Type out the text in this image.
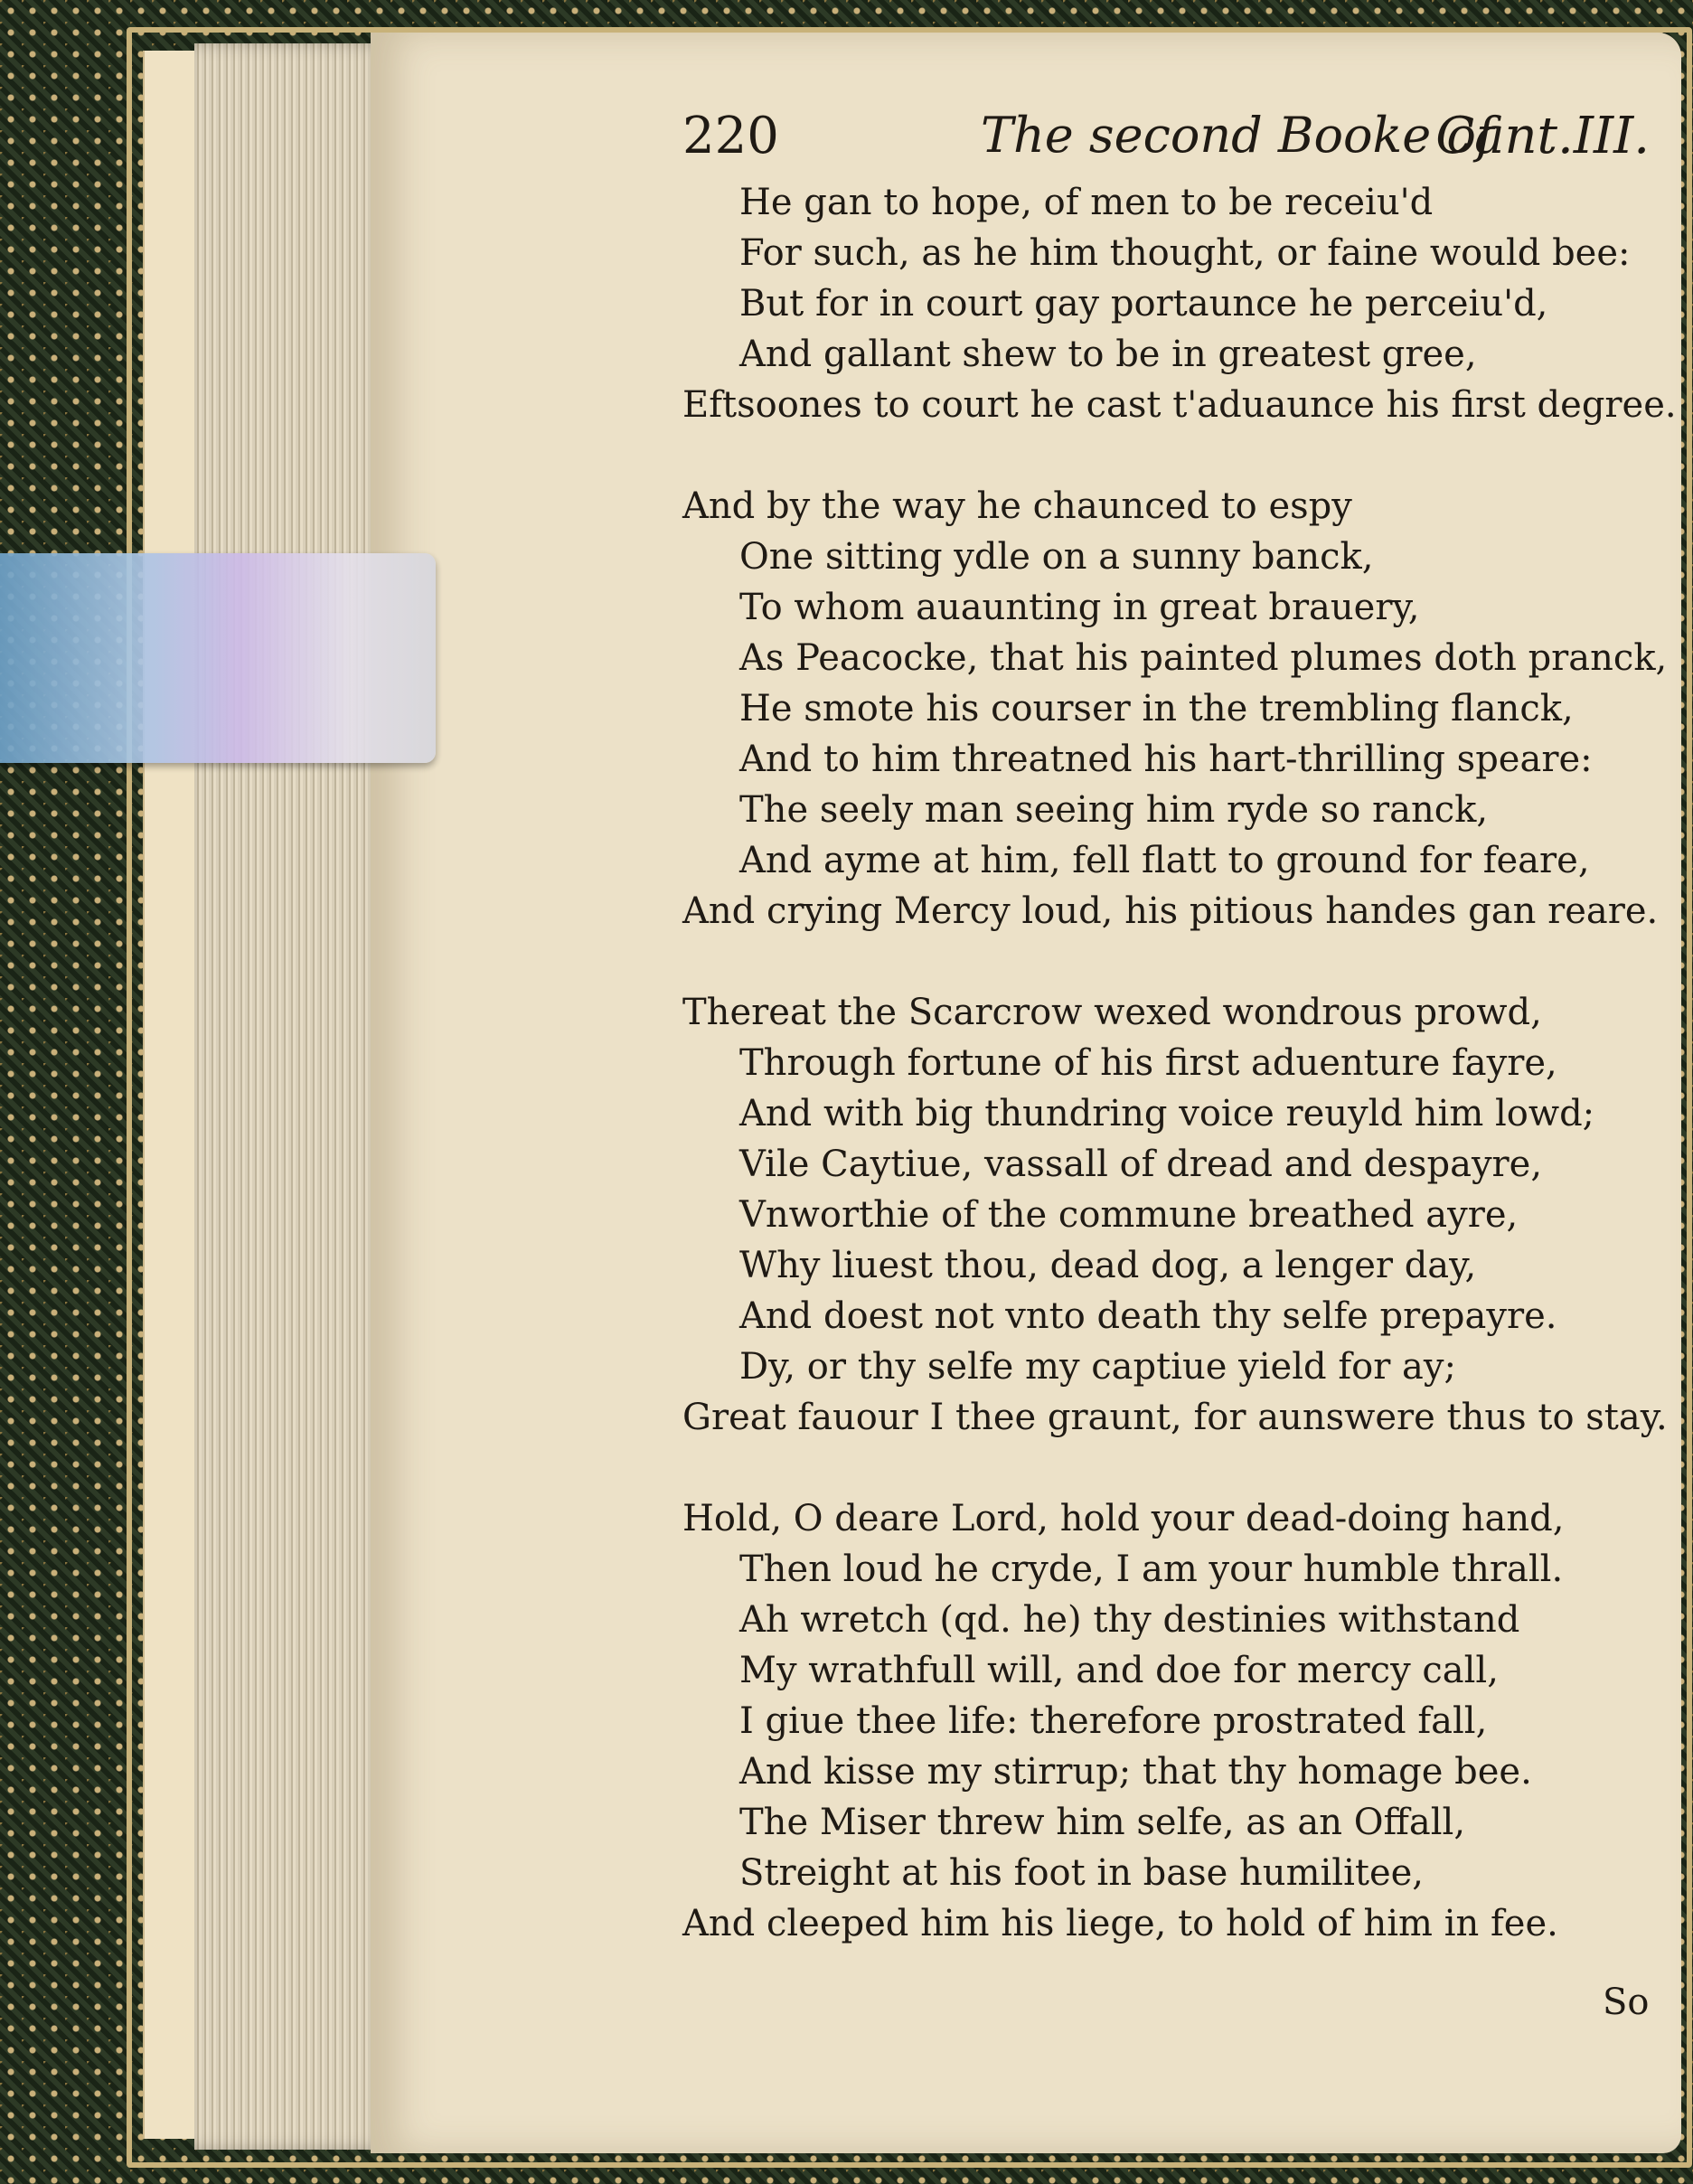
220	The second Booke of
Cant.III.
He gan to hope, of men to be receiu'd
For such, as he him thought, or faine would bee:
But for in court gay portaunce he perceiu'd,
And gallant shew to be in greatest gree,
Eftsoones to court he cast t'aduaunce his first degree.
And by the way he chaunced to espy
One sitting ydle on a sunny banck,
To whom auaunting in great brauery,
As Peacocke, that his painted plumes doth pranck,
He smote his courser in the trembling flanck,
And to him threatned his hart-thrilling speare:
The seely man seeing him ryde so ranck,
And ayme at him, fell flatt to ground for feare,
And crying Mercy loud, his pitious handes gan reare.
Thereat the Scarcrow wexed wondrous prowd,
Through fortune of his first aduenture fayre,
And with big thundring voice reuyld him lowd;
Vile Caytiue, vassall of dread and despayre,
Vnworthie of the commune breathed ayre,
Why liuest thou, dead dog, a lenger day,
And doest not vnto death thy selfe prepayre.
Dy, or thy selfe my captiue yield for ay;
Great fauour I thee graunt, for aunswere thus to stay.
Hold, O deare Lord, hold your dead-doing hand,
Then loud he cryde, I am your humble thrall.
Ah wretch (qd. he) thy destinies withstand
My wrathfull will, and doe for mercy call,
I giue thee life: therefore prostrated fall,
And kisse my stirrup; that thy homage bee.
The Miser threw him selfe, as an Offall,
Streight at his foot in base humilitee,
And cleeped him his liege, to hold of him in fee.
So
